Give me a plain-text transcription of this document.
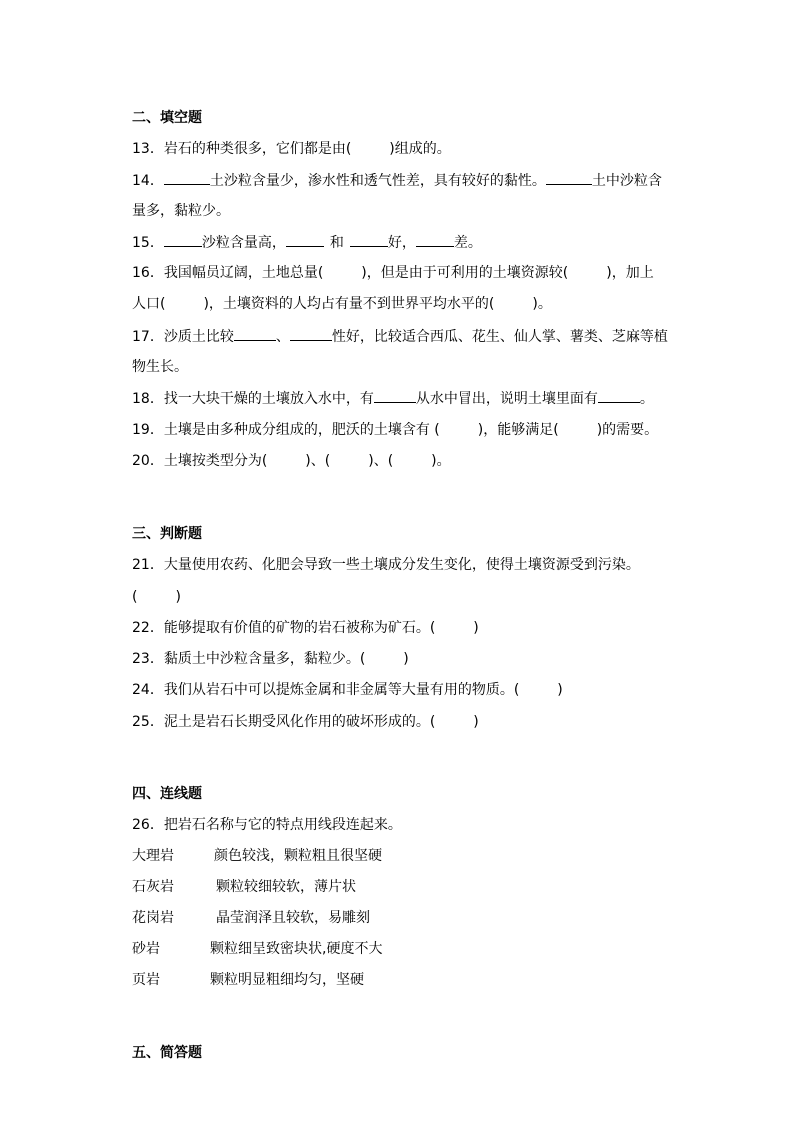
二、填空题
13．岩石的种类很多，它们都是由(	)组成的。
14．	土沙粒含量少，渗水性和透气性差，具有较好的黏性。	土中沙粒含
量多，黏粒少。
15．	沙粒含量高，	和	好，	差。
16．我国幅员辽阔，土地总量(	)，但是由于可利用的土壤资源较(	)，加上
人口(	)，土壤资料的人均占有量不到世界平均水平的(	)。
17．沙质土比较	、	性好，比较适合西瓜、花生、仙人掌、薯类、芝麻等植
物生长。
18．找一大块干燥的土壤放入水中，有	从水中冒出，说明土壤里面有	。
19．土壤是由多种成分组成的，肥沃的土壤含有 (	)，能够满足(	)的需要。
20．土壤按类型分为(	)、(	)、(	)。
三、判断题
21．大量使用农药、化肥会导致一些土壤成分发生变化，使得土壤资源受到污染。
(	)
22．能够提取有价值的矿物的岩石被称为矿石。(	)
23．黏质土中沙粒含量多，黏粒少。(	)
24．我们从岩石中可以提炼金属和非金属等大量有用的物质。(	)
25．泥土是岩石长期受风化作用的破坏形成的。(	)
四、连线题
26．把岩石名称与它的特点用线段连起来。
大理岩	颜色较浅，颗粒粗且很坚硬
石灰岩	颗粒较细较软，薄片状
花岗岩	晶莹润泽且较软，易雕刻
砂岩	颗粒细呈致密块状,硬度不大
页岩	颗粒明显粗细均匀，坚硬
五、简答题
